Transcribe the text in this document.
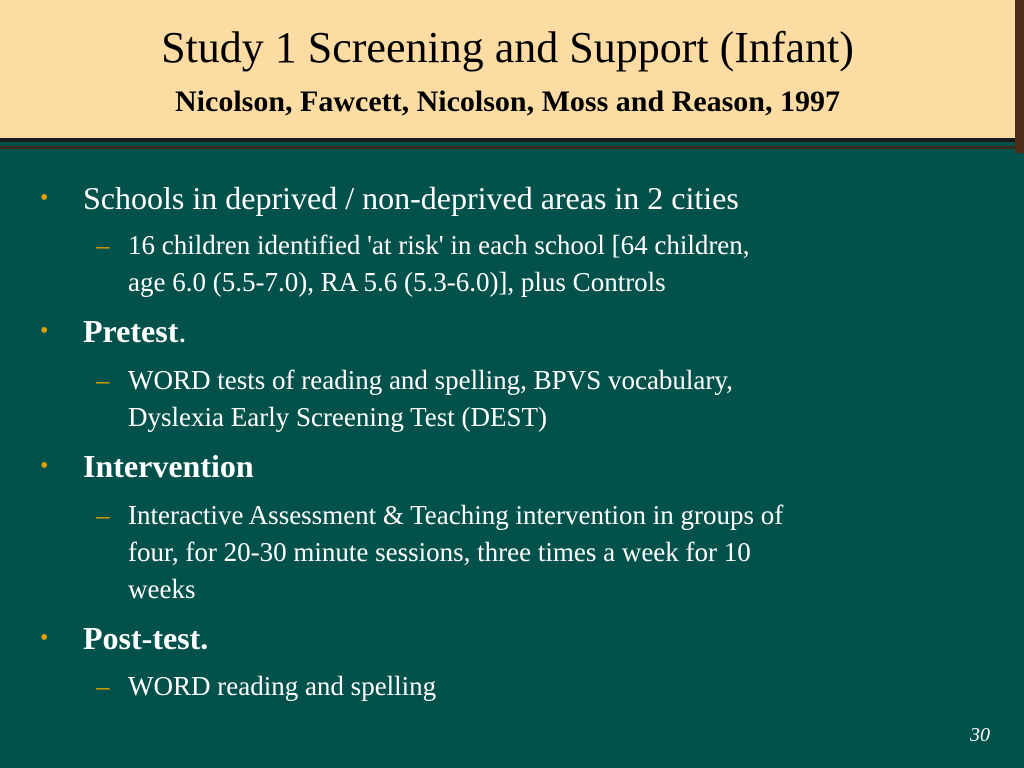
Study 1 Screening and Support (Infant)
Nicolson, Fawcett, Nicolson, Moss and Reason, 1997
•	Schools in deprived / non-deprived areas in 2 cities
– 16 children identified 'at risk' in each school [64 children,
age 6.0 (5.5-7.0), RA 5.6 (5.3-6.0)], plus Controls
•	Pretest.
– WORD tests of reading and spelling, BPVS vocabulary,
Dyslexia Early Screening Test (DEST)
•	Intervention
– Interactive Assessment & Teaching intervention in groups of
four, for 20-30 minute sessions, three times a week for 10
weeks
•	Post-test.
– WORD reading and spelling
30
